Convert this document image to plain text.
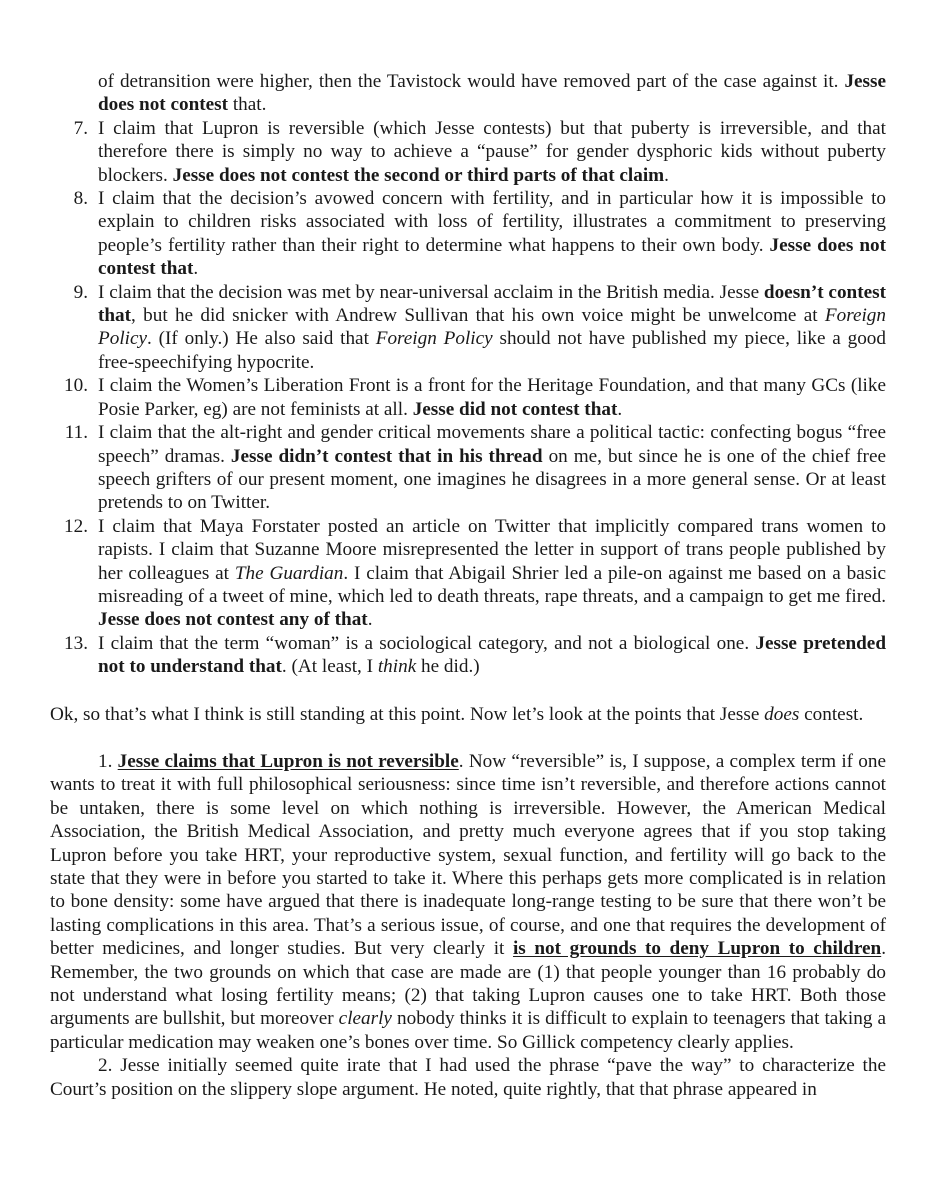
of detransition were higher, then the Tavistock would have removed part of the case against it. Jesse does not contest that.

7. I claim that Lupron is reversible (which Jesse contests) but that puberty is irreversible, and that therefore there is simply no way to achieve a “pause” for gender dysphoric kids without puberty blockers. Jesse does not contest the second or third parts of that claim.
8. I claim that the decision’s avowed concern with fertility, and in particular how it is impossible to explain to children risks associated with loss of fertility, illustrates a commitment to preserving people’s fertility rather than their right to determine what happens to their own body. Jesse does not contest that.
9. I claim that the decision was met by near-universal acclaim in the British media. Jesse doesn’t contest that, but he did snicker with Andrew Sullivan that his own voice might be unwelcome at Foreign Policy. (If only.) He also said that Foreign Policy should not have published my piece, like a good free-speechifying hypocrite.
10. I claim the Women’s Liberation Front is a front for the Heritage Foundation, and that many GCs (like Posie Parker, eg) are not feminists at all. Jesse did not contest that.
11. I claim that the alt-right and gender critical movements share a political tactic: confecting bogus “free speech” dramas. Jesse didn’t contest that in his thread on me, but since he is one of the chief free speech grifters of our present moment, one imagines he disagrees in a more general sense. Or at least pretends to on Twitter.
12. I claim that Maya Forstater posted an article on Twitter that implicitly compared trans women to rapists. I claim that Suzanne Moore misrepresented the letter in support of trans people published by her colleagues at The Guardian. I claim that Abigail Shrier led a pile-on against me based on a basic misreading of a tweet of mine, which led to death threats, rape threats, and a campaign to get me fired. Jesse does not contest any of that.
13. I claim that the term “woman” is a sociological category, and not a biological one. Jesse pretended not to understand that. (At least, I think he did.)

Ok, so that’s what I think is still standing at this point. Now let’s look at the points that Jesse does contest.

1. Jesse claims that Lupron is not reversible. Now “reversible” is, I suppose, a complex term if one wants to treat it with full philosophical seriousness: since time isn’t reversible, and therefore actions cannot be untaken, there is some level on which nothing is irreversible. However, the American Medical Association, the British Medical Association, and pretty much everyone agrees that if you stop taking Lupron before you take HRT, your reproductive system, sexual function, and fertility will go back to the state that they were in before you started to take it. Where this perhaps gets more complicated is in relation to bone density: some have argued that there is inadequate long-range testing to be sure that there won’t be lasting complications in this area. That’s a serious issue, of course, and one that requires the development of better medicines, and longer studies. But very clearly it is not grounds to deny Lupron to children. Remember, the two grounds on which that case are made are (1) that people younger than 16 probably do not understand what losing fertility means; (2) that taking Lupron causes one to take HRT. Both those arguments are bullshit, but moreover clearly nobody thinks it is difficult to explain to teenagers that taking a particular medication may weaken one’s bones over time. So Gillick competency clearly applies.

2. Jesse initially seemed quite irate that I had used the phrase “pave the way” to characterize the Court’s position on the slippery slope argument. He noted, quite rightly, that that phrase appeared in
